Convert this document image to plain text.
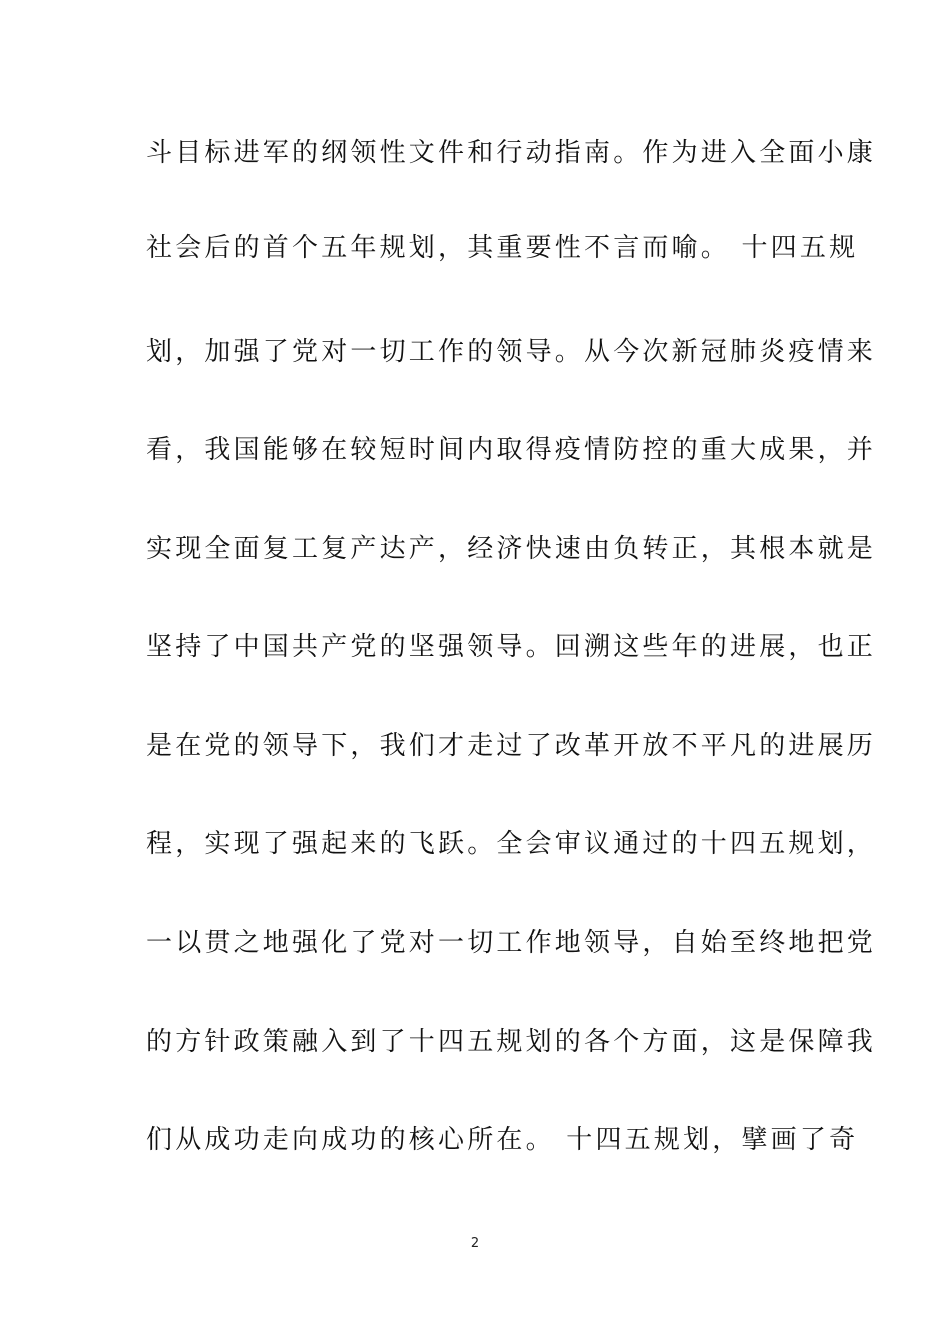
斗目标进军的纲领性文件和行动指南。作为进入全面小康
社会后的首个五年规划，其重要性不言而喻。 十四五规
划，加强了党对一切工作的领导。从今次新冠肺炎疫情来
看，我国能够在较短时间内取得疫情防控的重大成果，并
实现全面复工复产达产，经济快速由负转正，其根本就是
坚持了中国共产党的坚强领导。回溯这些年的进展，也正
是在党的领导下，我们才走过了改革开放不平凡的进展历
程，实现了强起来的飞跃。全会审议通过的十四五规划，
一以贯之地强化了党对一切工作地领导，自始至终地把党
的方针政策融入到了十四五规划的各个方面，这是保障我
们从成功走向成功的核心所在。 十四五规划，擘画了奇
2
